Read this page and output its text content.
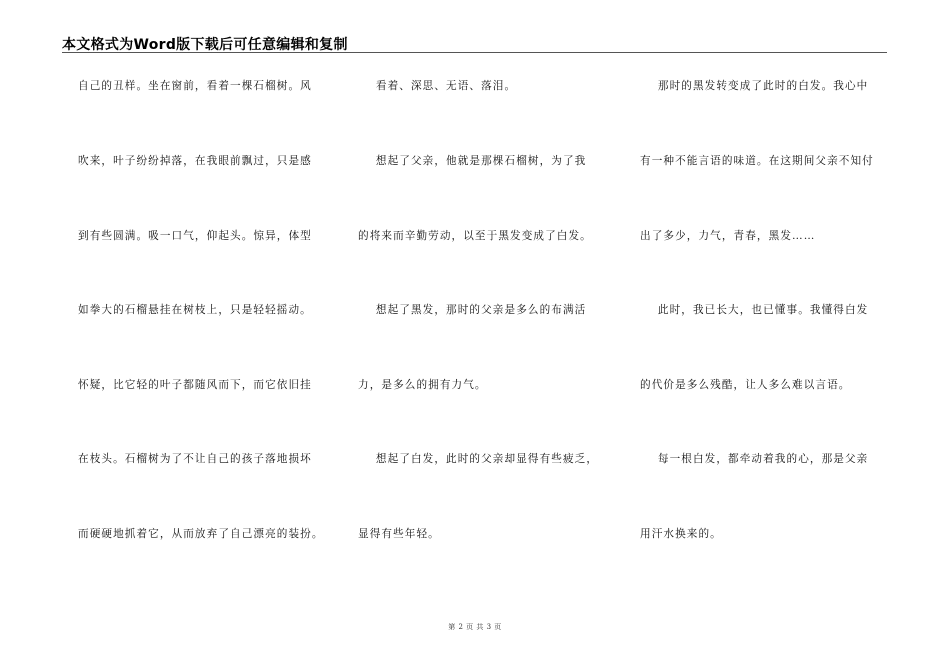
本文格式为Word版下载后可任意编辑和复制
自己的丑样。坐在窗前，看着一棵石榴树。风
吹来，叶子纷纷掉落，在我眼前飘过，只是感
到有些圆满。吸一口气，仰起头。惊异，体型
如拳大的石榴悬挂在树枝上，只是轻轻摇动。
怀疑，比它轻的叶子都随风而下，而它依旧挂
在枝头。石榴树为了不让自己的孩子落地损坏
而硬硬地抓着它，从而放弃了自己漂亮的装扮。
看着、深思、无语、落泪。
想起了父亲，他就是那棵石榴树，为了我
的将来而辛勤劳动，以至于黑发变成了白发。
想起了黑发，那时的父亲是多么的布满活
力，是多么的拥有力气。
想起了白发，此时的父亲却显得有些疲乏，
显得有些年轻。
那时的黑发转变成了此时的白发。我心中
有一种不能言语的味道。在这期间父亲不知付
出了多少，力气，青春，黑发……
此时，我已长大，也已懂事。我懂得白发
的代价是多么残酷，让人多么难以言语。
每一根白发，都牵动着我的心，那是父亲
用汗水换来的。
第 2 页 共 3 页
